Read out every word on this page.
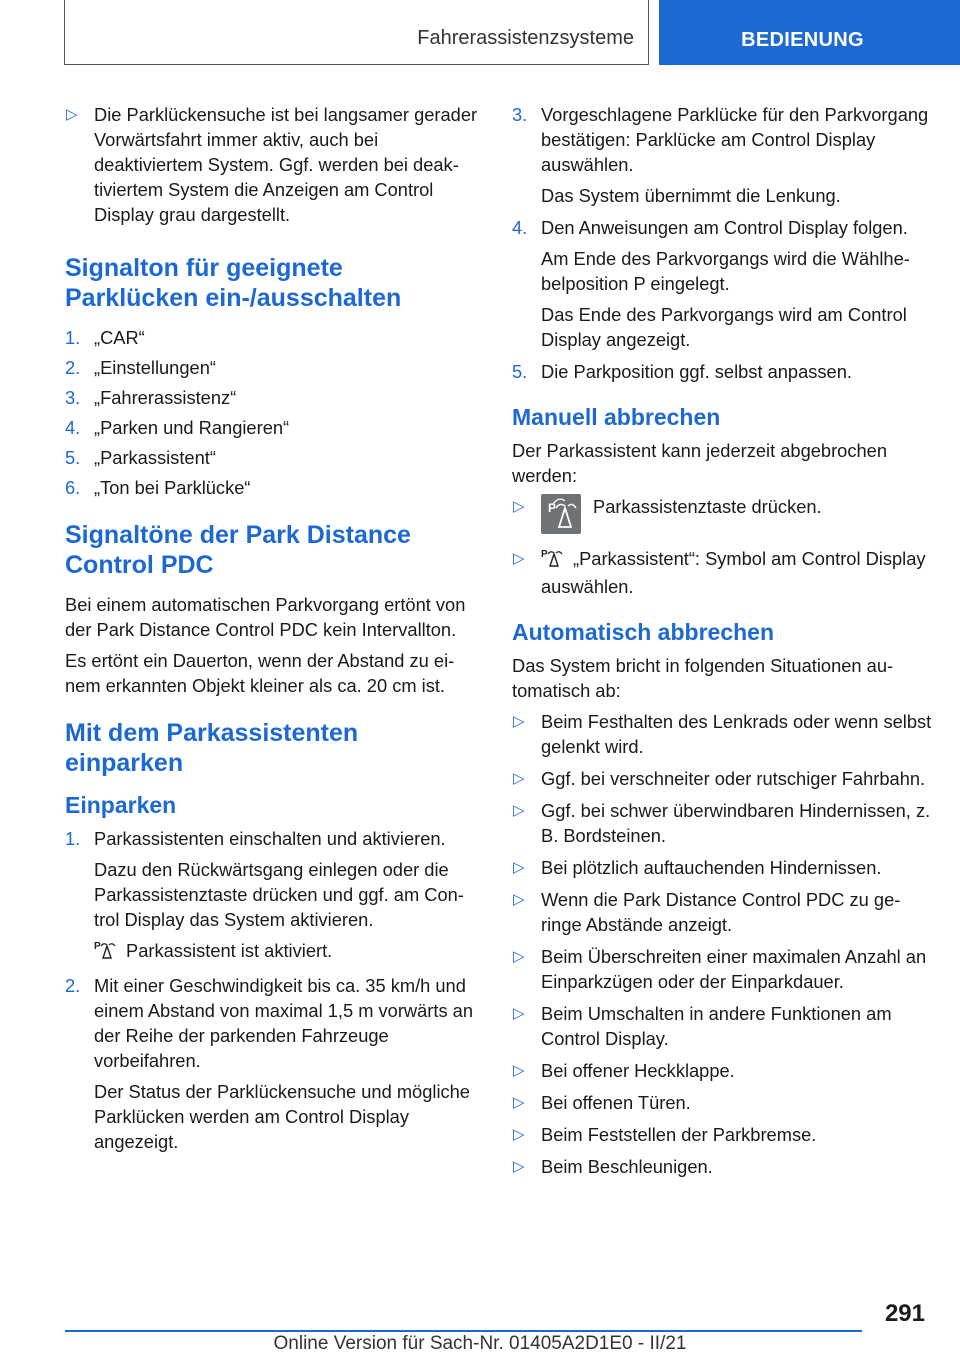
Fahrerassistenzsysteme	BEDIENUNG
▷ Die Parklückensuche ist bei langsamer gerader Vorwärtsfahrt immer aktiv, auch bei deaktiviertem System. Ggf. werden bei deaktiviertem System die Anzeigen am Control Display grau dargestellt.
Signalton für geeignete Parklücken ein-/ausschalten
1. „CAR“
2. „Einstellungen“
3. „Fahrerassistenz“
4. „Parken und Rangieren“
5. „Parkassistent“
6. „Ton bei Parklücke“
Signaltöne der Park Distance Control PDC
Bei einem automatischen Parkvorgang ertönt von der Park Distance Control PDC kein Intervallton.
Es ertönt ein Dauerton, wenn der Abstand zu einem erkannten Objekt kleiner als ca. 20 cm ist.
Mit dem Parkassistenten einparken
Einparken
1. Parkassistenten einschalten und aktivieren.
Dazu den Rückwärtsgang einlegen oder die Parkassistenztaste drücken und ggf. am Control Display das System aktivieren.
P Parkassistent ist aktiviert.
2. Mit einer Geschwindigkeit bis ca. 35 km/h und einem Abstand von maximal 1,5 m vorwärts an der Reihe der parkenden Fahrzeuge vorbeifahren.
Der Status der Parklückensuche und mögliche Parklücken werden am Control Display angezeigt.
3. Vorgeschlagene Parklücke für den Parkvorgang bestätigen: Parklücke am Control Display auswählen.
Das System übernimmt die Lenkung.
4. Den Anweisungen am Control Display folgen.
Am Ende des Parkvorgangs wird die Wählhebelposition P eingelegt.
Das Ende des Parkvorgangs wird am Control Display angezeigt.
5. Die Parkposition ggf. selbst anpassen.
Manuell abbrechen
Der Parkassistent kann jederzeit abgebrochen werden:
▷ P Parkassistenztaste drücken.
▷ P „Parkassistent“: Symbol am Control Display auswählen.
Automatisch abbrechen
Das System bricht in folgenden Situationen automatisch ab:
▷ Beim Festhalten des Lenkrads oder wenn selbst gelenkt wird.
▷ Ggf. bei verschneiter oder rutschiger Fahrbahn.
▷ Ggf. bei schwer überwindbaren Hindernissen, z. B. Bordsteinen.
▷ Bei plötzlich auftauchenden Hindernissen.
▷ Wenn die Park Distance Control PDC zu geringe Abstände anzeigt.
▷ Beim Überschreiten einer maximalen Anzahl an Einparkzügen oder der Einparkdauer.
▷ Beim Umschalten in andere Funktionen am Control Display.
▷ Bei offener Heckklappe.
▷ Bei offenen Türen.
▷ Beim Feststellen der Parkbremse.
▷ Beim Beschleunigen.
291
Online Version für Sach-Nr. 01405A2D1E0 - II/21
